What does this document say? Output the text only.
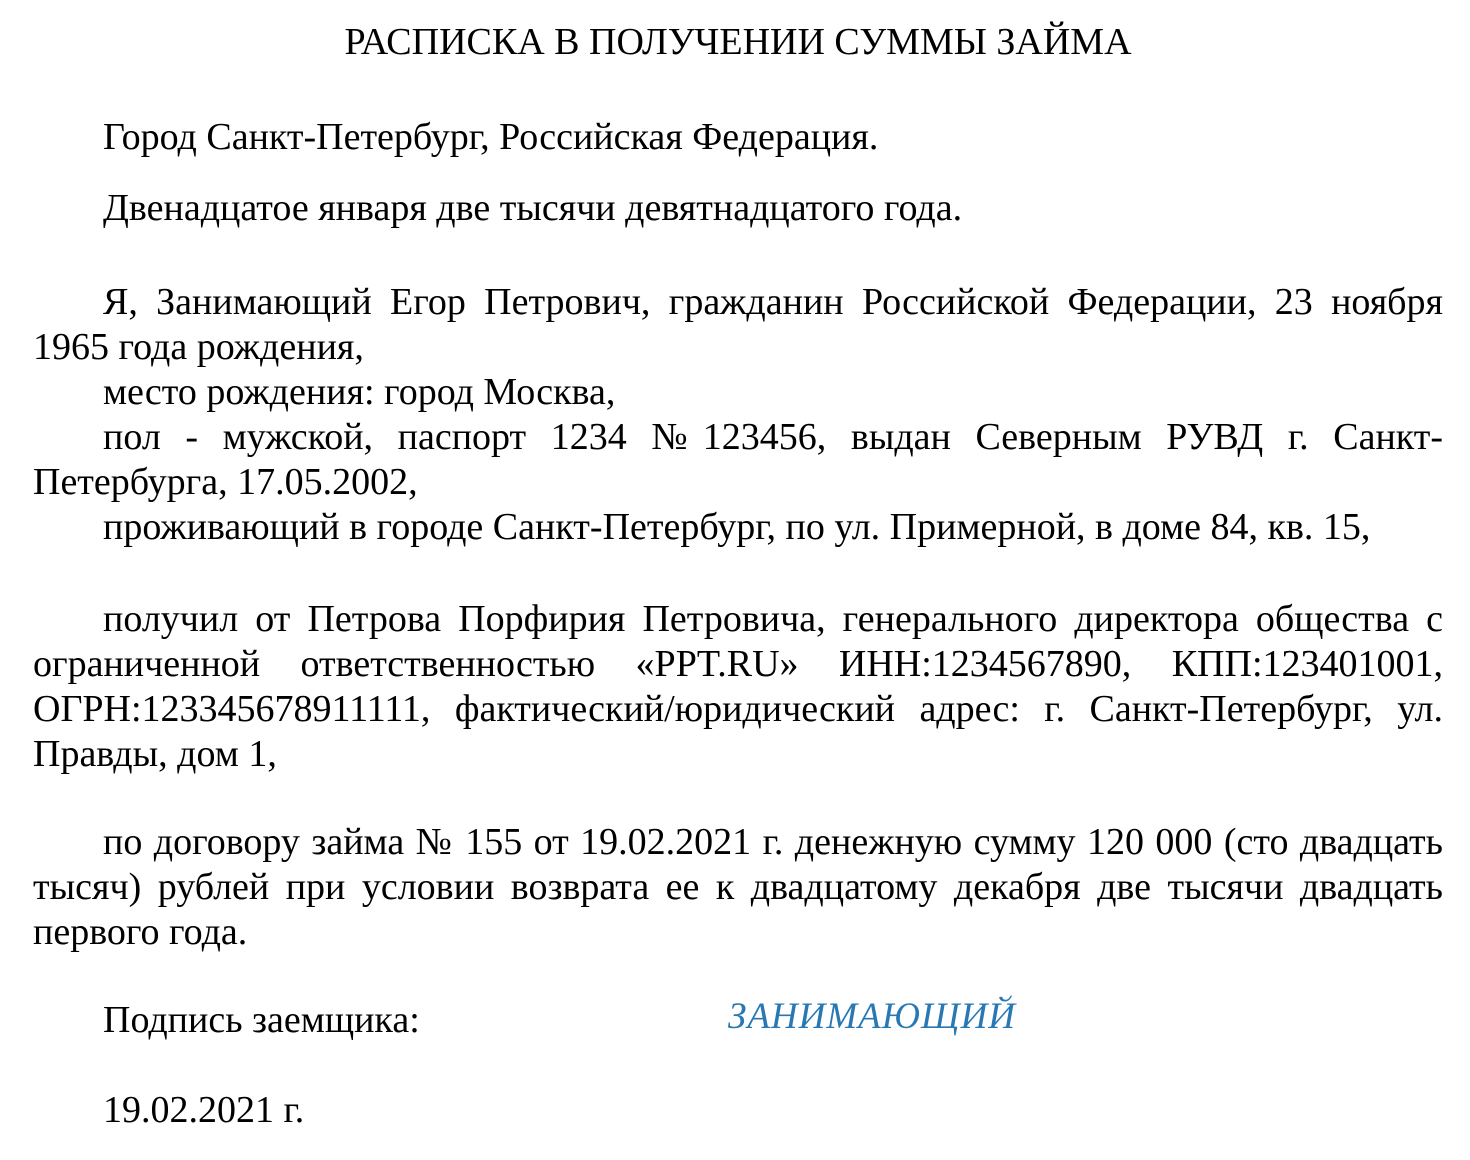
РАСПИСКА В ПОЛУЧЕНИИ СУММЫ ЗАЙМА

Город Санкт-Петербург, Российская Федерация.

Двенадцатое января две тысячи девятнадцатого года.

Я, Занимающий Егор Петрович, гражданин Российской Федерации, 23 ноября 1965 года рождения,

место рождения: город Москва,

пол - мужской, паспорт 1234 №123456, выдан Северным РУВД г. Санкт-Петербурга, 17.05.2002,

проживающий в городе Санкт-Петербург, по ул. Примерной, в доме 84, кв. 15,

получил от Петрова Порфирия Петровича, генерального директора общества с ограниченной ответственностью «PPT.RU» ИНН:1234567890, КПП:123401001, ОГРН:123345678911111, фактический/юридический адрес: г. Санкт-Петербург, ул. Правды, дом 1,

по договору займа № 155 от 19.02.2021 г. денежную сумму 120 000 (сто двадцать тысяч) рублей при условии возврата ее к двадцатому декабря две тысячи двадцать первого года.

Подпись заемщика:	ЗАНИМАЮЩИЙ

19.02.2021 г.
